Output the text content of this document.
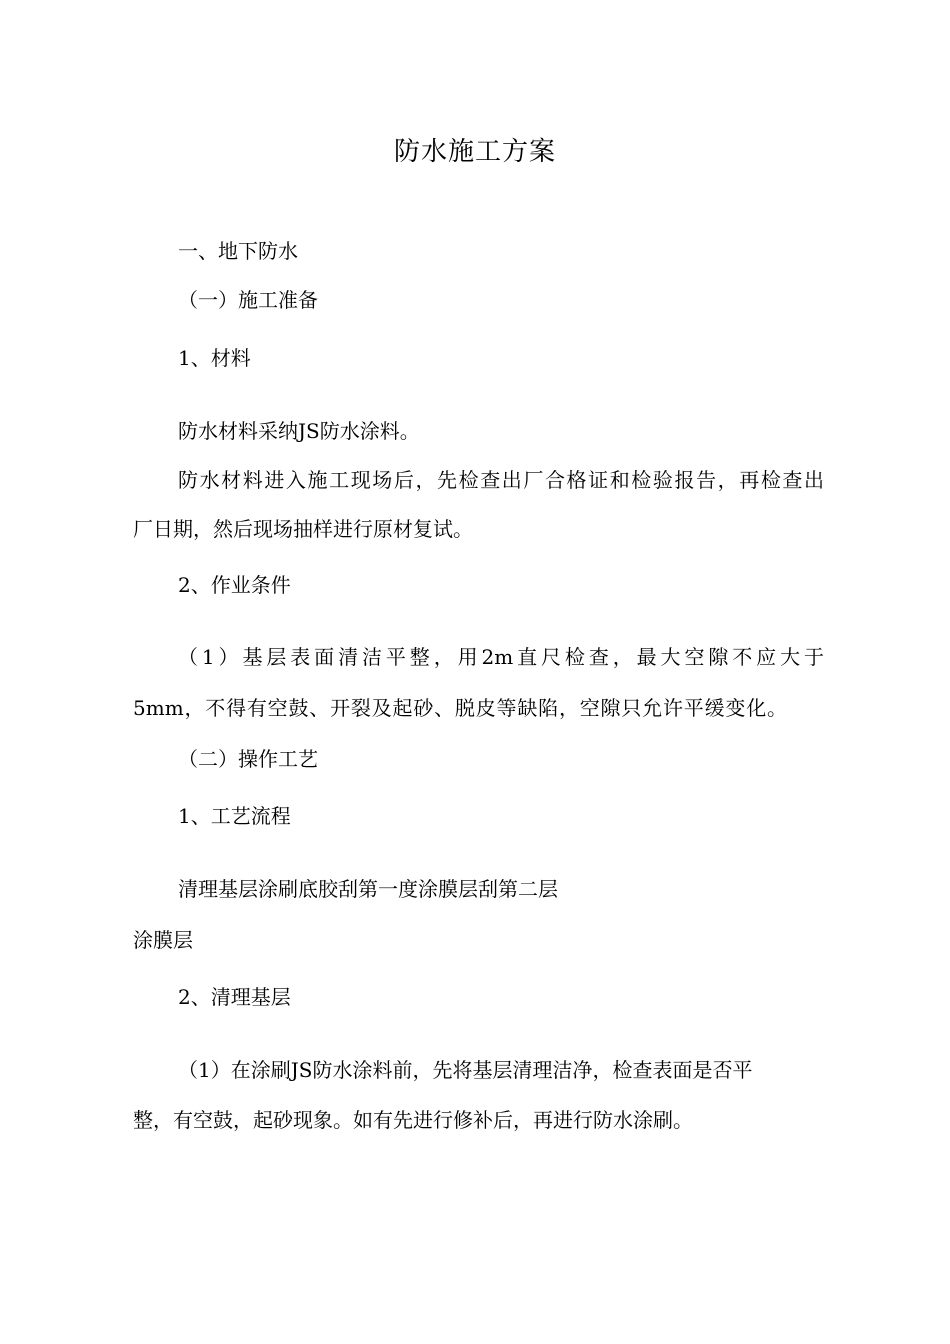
防水施工方案
一、地下防水
（一）施工准备
1、材料
防水材料采纳JS防水涂料。
防水材料进入施工现场后，先检查出厂合格证和检验报告，再检查出
厂日期，然后现场抽样进行原材复试。
2、作业条件
（1）基层表面清洁平整，用2m直尺检查，最大空隙不应大于
5mm，不得有空鼓、开裂及起砂、脱皮等缺陷，空隙只允许平缓变化。
（二）操作工艺
1、工艺流程
清理基层涂刷底胶刮第一度涂膜层刮第二层
涂膜层
2、清理基层
（1）在涂刷JS防水涂料前，先将基层清理洁净，检查表面是否平
整，有空鼓，起砂现象。如有先进行修补后，再进行防水涂刷。
